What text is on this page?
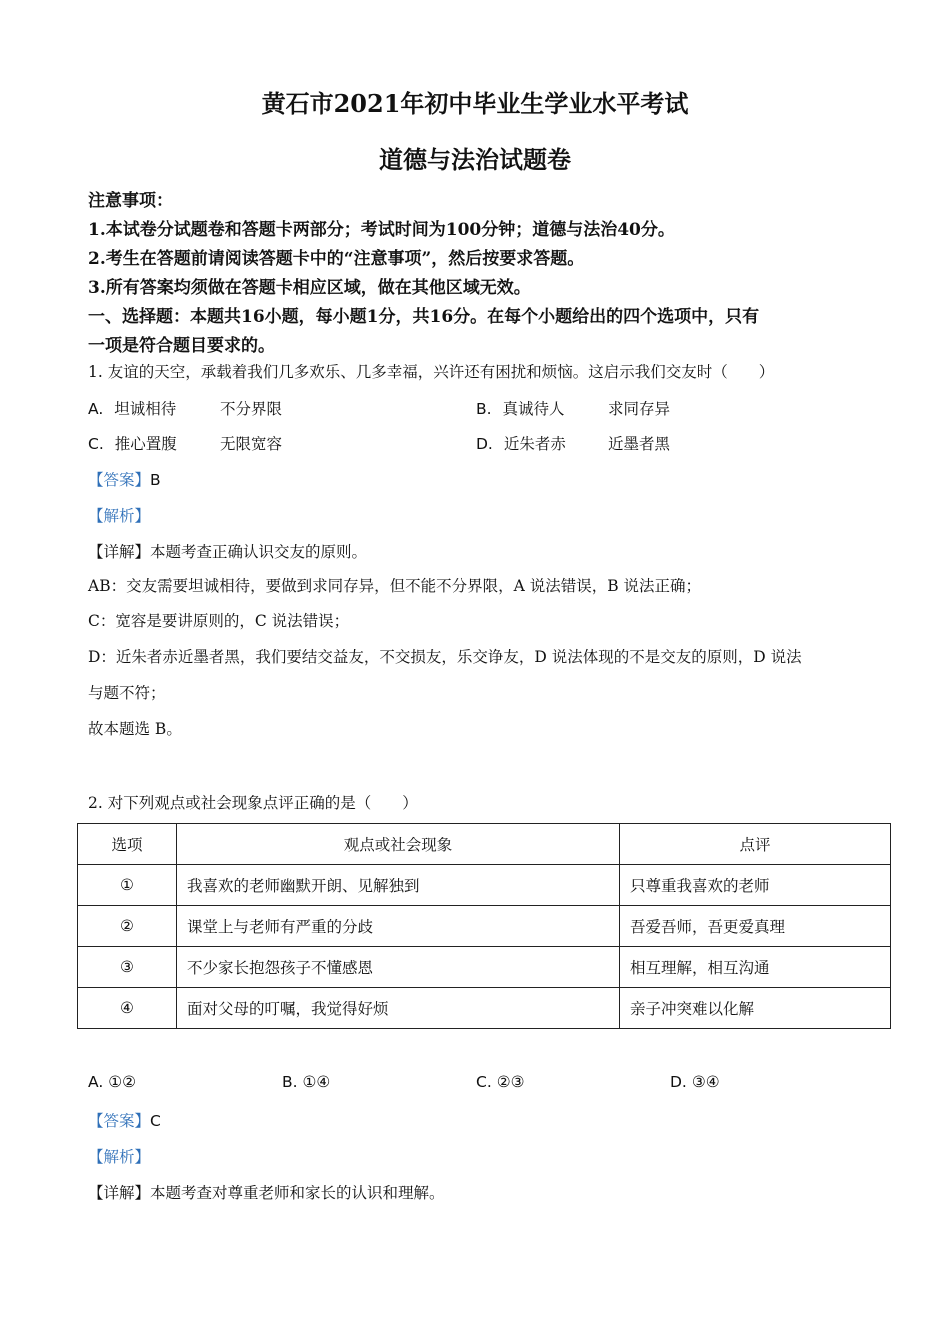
黄石市2021年初中毕业生学业水平考试
道德与法治试题卷
注意事项：
1.本试卷分试题卷和答题卡两部分；考试时间为100分钟；道德与法治40分。
2.考生在答题前请阅读答题卡中的“注意事项”，然后按要求答题。
3.所有答案均须做在答题卡相应区域，做在其他区域无效。
一、选择题：本题共16小题，每小题1分，共16分。在每个小题给出的四个选项中，只有
一项是符合题目要求的。
1. 友谊的天空，承载着我们几多欢乐、几多幸福，兴许还有困扰和烦恼。这启示我们交友时（　　）
A. 坦诚相待	不分界限	B. 真诚待人	求同存异
C. 推心置腹	无限宽容	D. 近朱者赤	近墨者黑
【答案】B
【解析】
【详解】本题考查正确认识交友的原则。
AB：交友需要坦诚相待，要做到求同存异，但不能不分界限，A 说法错误，B 说法正确；
C：宽容是要讲原则的，C 说法错误；
D：近朱者赤近墨者黑，我们要结交益友，不交损友，乐交诤友，D 说法体现的不是交友的原则，D 说法
与题不符；
故本题选 B。
2. 对下列观点或社会现象点评正确的是（　　）
选项	观点或社会现象	点评
①	我喜欢的老师幽默开朗、见解独到	只尊重我喜欢的老师
②	课堂上与老师有严重的分歧	吾爱吾师，吾更爱真理
③	不少家长抱怨孩子不懂感恩	相互理解，相互沟通
④	面对父母的叮嘱，我觉得好烦	亲子冲突难以化解
A. ①②	B. ①④	C. ②③	D. ③④
【答案】C
【解析】
【详解】本题考查对尊重老师和家长的认识和理解。
